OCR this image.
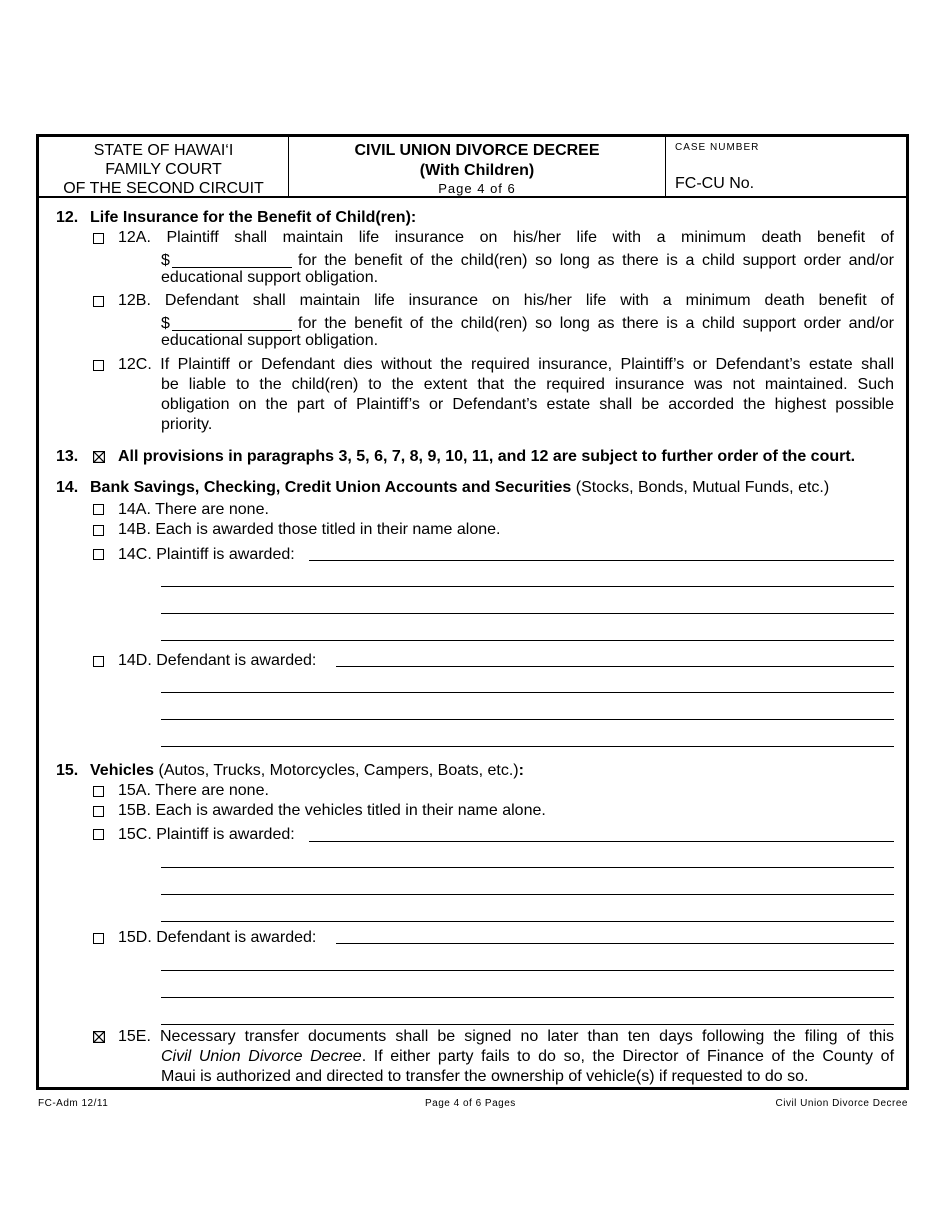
STATE OF HAWAI‘I
FAMILY COURT
OF THE SECOND CIRCUIT
CIVIL UNION DIVORCE DECREE
(With Children)
Page 4 of 6
CASE NUMBER
FC-CU No.
12. Life Insurance for the Benefit of Child(ren):
12A. Plaintiff shall maintain life insurance on his/her life with a minimum death benefit of
$	for the benefit of the child(ren) so long as there is a child support order and/or
educational support obligation.
12B. Defendant shall maintain life insurance on his/her life with a minimum death benefit of
$	for the benefit of the child(ren) so long as there is a child support order and/or
educational support obligation.
12C. If Plaintiff or Defendant dies without the required insurance, Plaintiff’s or Defendant’s estate shall
be liable to the child(ren) to the extent that the required insurance was not maintained. Such
obligation on the part of Plaintiff’s or Defendant’s estate shall be accorded the highest possible
priority.
13. All provisions in paragraphs 3, 5, 6, 7, 8, 9, 10, 11, and 12 are subject to further order of the court.
14. Bank Savings, Checking, Credit Union Accounts and Securities (Stocks, Bonds, Mutual Funds, etc.)
14A. There are none.
14B. Each is awarded those titled in their name alone.
14C. Plaintiff is awarded:
14D. Defendant is awarded:
15. Vehicles (Autos, Trucks, Motorcycles, Campers, Boats, etc.):
15A. There are none.
15B. Each is awarded the vehicles titled in their name alone.
15C. Plaintiff is awarded:
15D. Defendant is awarded:
15E. Necessary transfer documents shall be signed no later than ten days following the filing of this
Civil Union Divorce Decree. If either party fails to do so, the Director of Finance of the County of
Maui is authorized and directed to transfer the ownership of vehicle(s) if requested to do so.
FC-Adm 12/11	Page 4 of 6 Pages	Civil Union Divorce Decree
